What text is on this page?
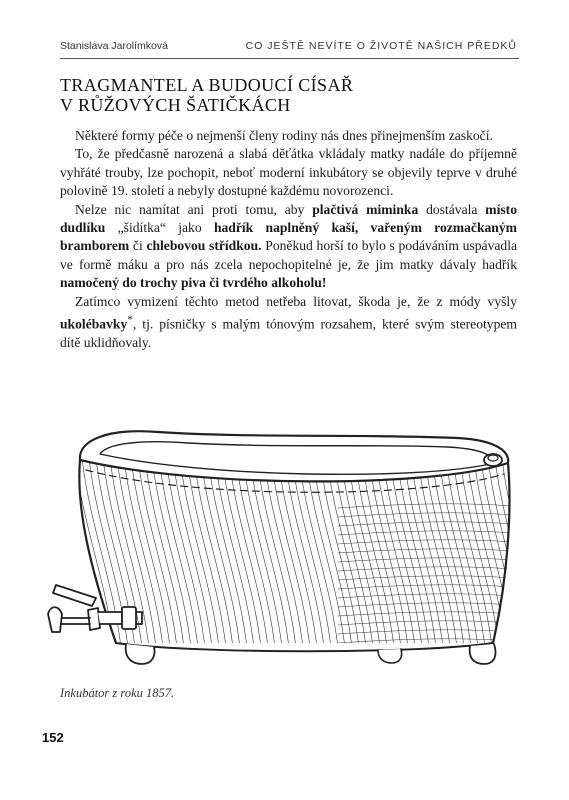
Stanislava Jarolímková	CO JEŠTĚ NEVÍTE O ŽIVOTĚ NAŠICH PŘEDKŮ
TRAGMANTEL A BUDOUCÍ CÍSAŘ
V RŮŽOVÝCH ŠATIČKÁCH

Některé formy péče o nejmenší členy rodiny nás dnes přinejmenším zaskočí.

To, že předčasně narozená a slabá děťátka vkládaly matky nadále do příjemně vyhřáté trouby, lze pochopit, neboť moderní inkubátory se objevily teprve v druhé polovině 19. století a nebyly dostupné každému novorozenci.

Nelze nic namítat ani proti tomu, aby plačtivá miminka dostávala místo dudlíku „šidítka“ jako hadřík naplněný kaší, vařeným rozmačkaným bramborem či chlebovou střídkou. Poněkud horší to bylo s podáváním uspávadla ve formě máku a pro nás zcela nepochopitelné je, že jim matky dávaly hadřík namočený do trochy piva či tvrdého alkoholu!

Zatímco vymizení těchto metod netřeba litovat, škoda je, že z módy vyšly ukolébavky*, tj. písničky s malým tónovým rozsahem, které svým stereotypem dítě uklidňovaly.

Inkubátor z roku 1857.
152
